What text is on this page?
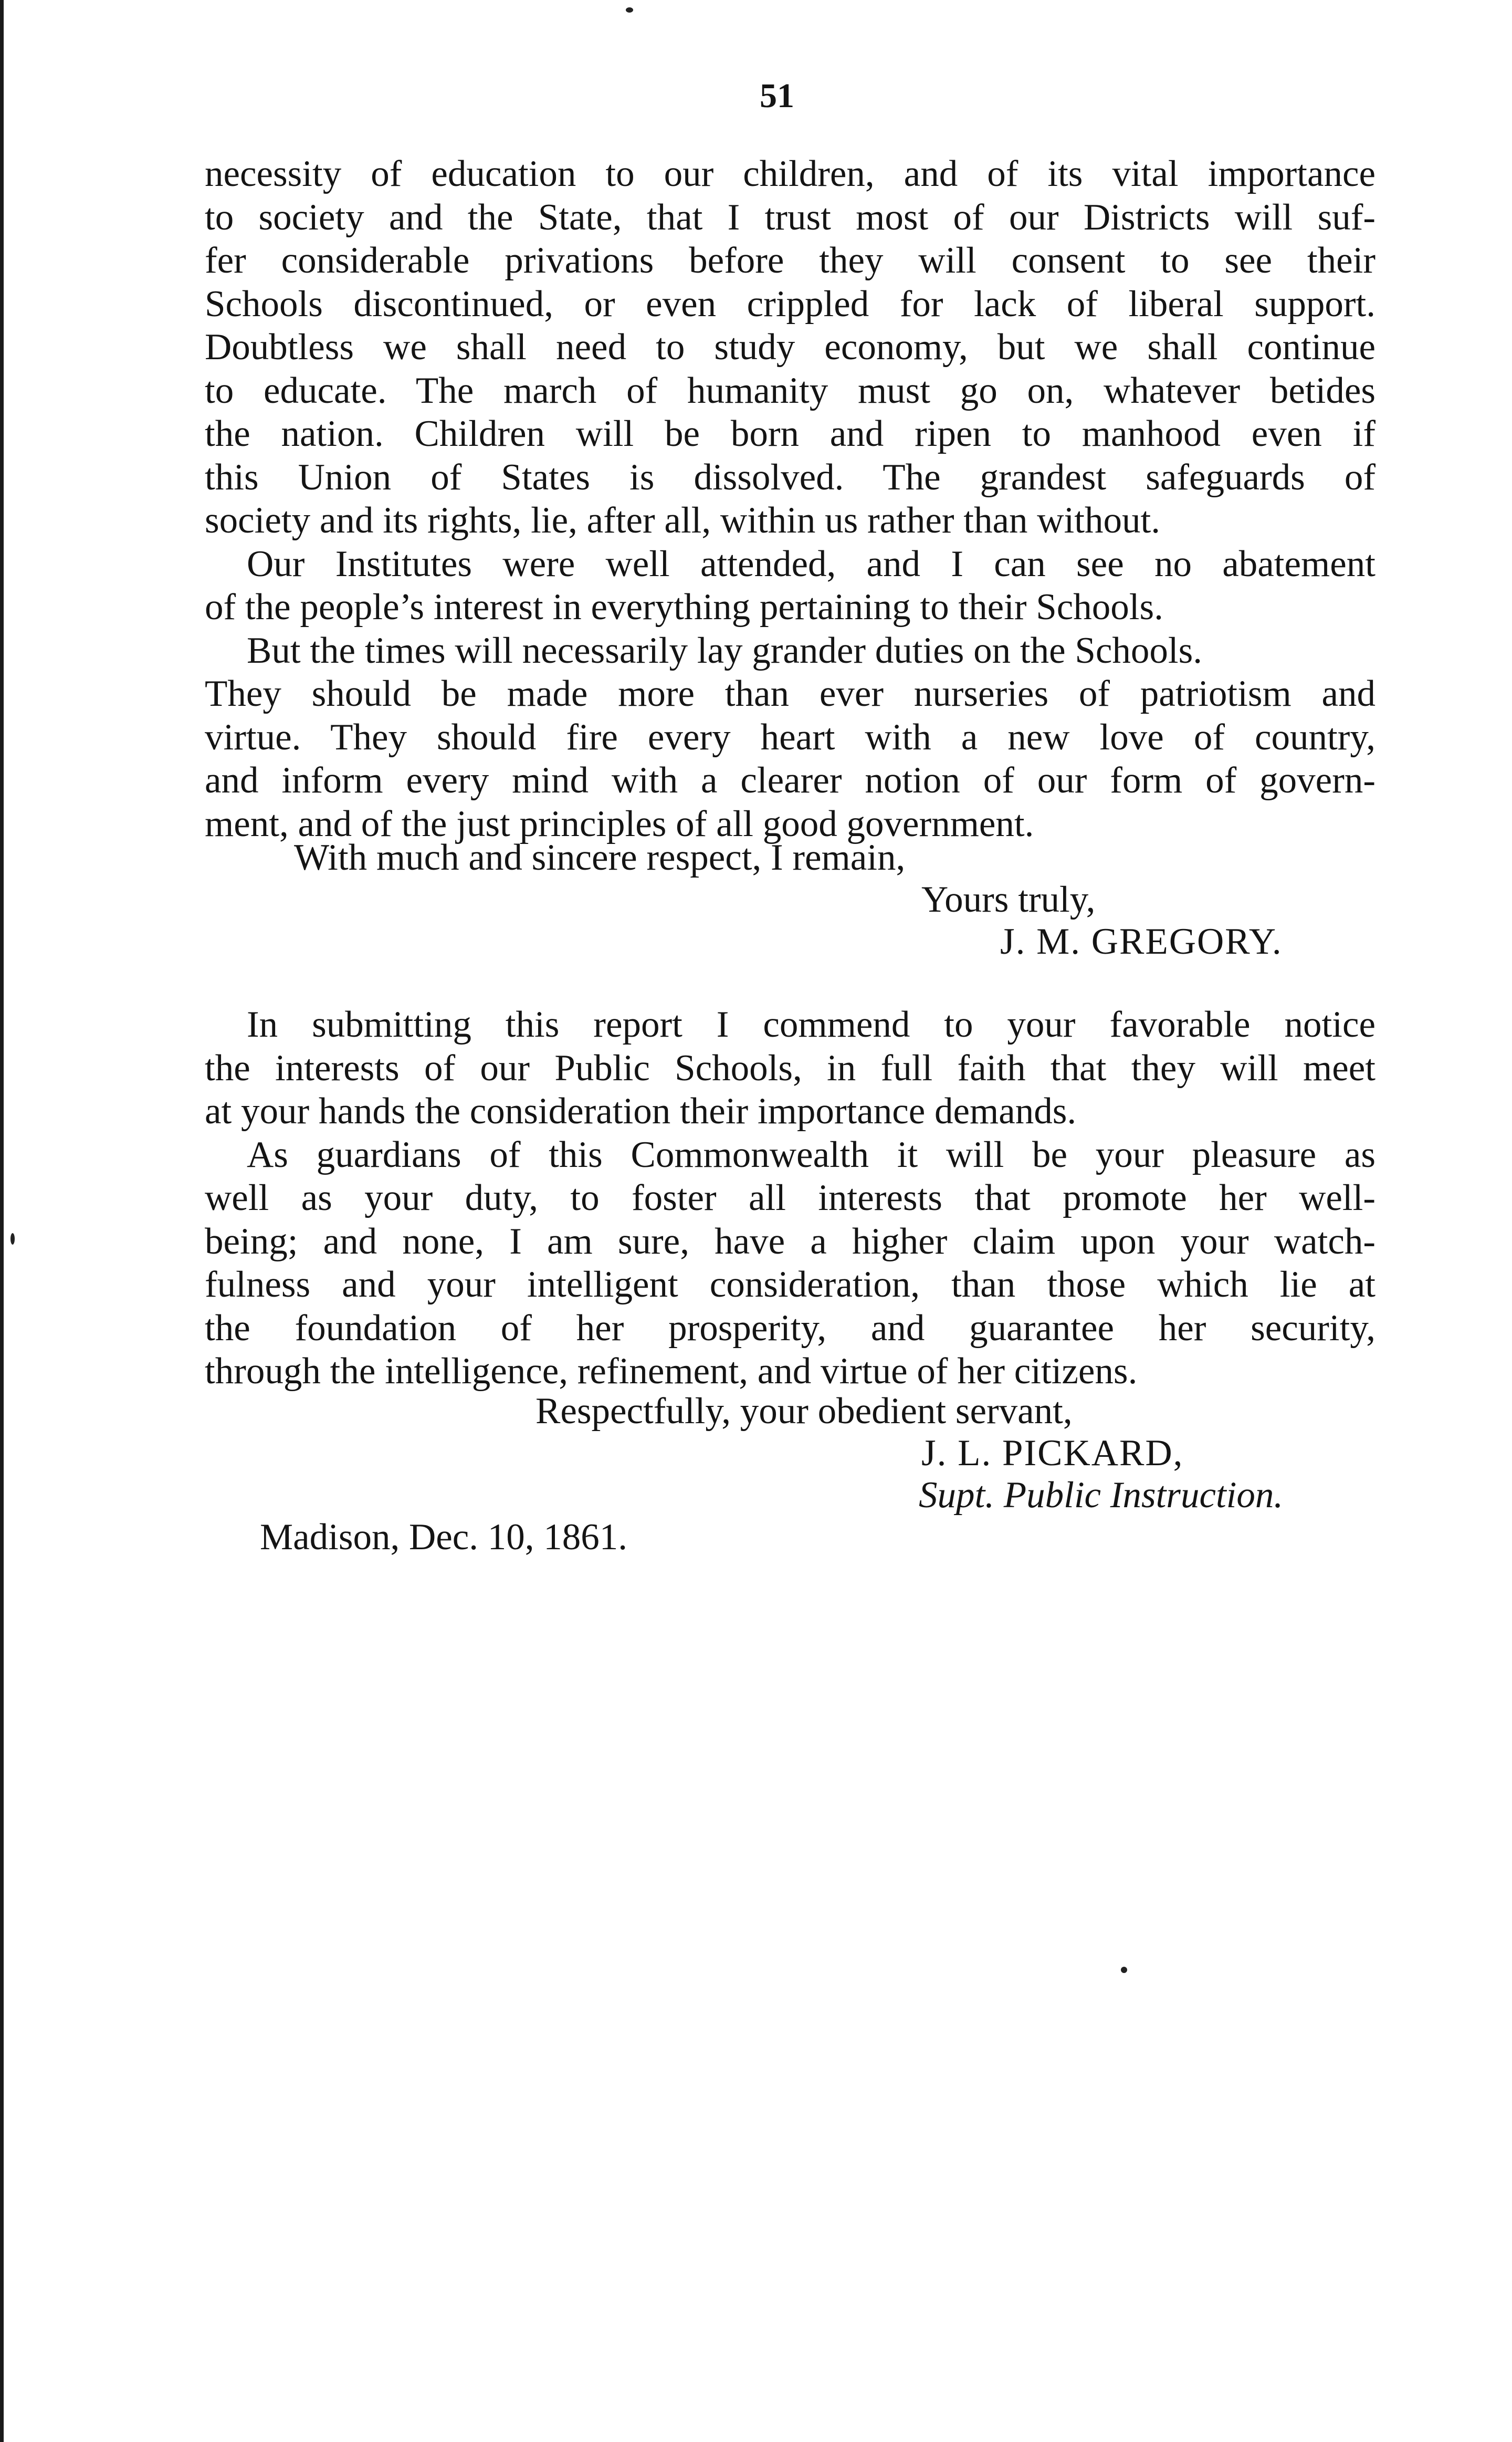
51
necessity of education to our children, and of its vital importance
to society and the State, that I trust most of our Districts will suf-
fer considerable privations before they will consent to see their
Schools discontinued, or even crippled for lack of liberal support.
Doubtless we shall need to study economy, but we shall continue
to educate. The march of humanity must go on, whatever betides
the nation. Children will be born and ripen to manhood even if
this Union of States is dissolved. The grandest safeguards of
society and its rights, lie, after all, within us rather than without.
Our Institutes were well attended, and I can see no abatement
of the people’s interest in everything pertaining to their Schools.
But the times will necessarily lay grander duties on the Schools.
They should be made more than ever nurseries of patriotism and
virtue. They should fire every heart with a new love of country,
and inform every mind with a clearer notion of our form of govern-
ment, and of the just principles of all good government.
With much and sincere respect, I remain,
Yours truly,
J. M. GREGORY.
In submitting this report I commend to your favorable notice
the interests of our Public Schools, in full faith that they will meet
at your hands the consideration their importance demands.
As guardians of this Commonwealth it will be your pleasure as
well as your duty, to foster all interests that promote her well-
being; and none, I am sure, have a higher claim upon your watch-
fulness and your intelligent consideration, than those which lie at
the foundation of her prosperity, and guarantee her security,
through the intelligence, refinement, and virtue of her citizens.
Respectfully, your obedient servant,
J. L. PICKARD,
Supt. Public Instruction.
Madison, Dec. 10, 1861.
